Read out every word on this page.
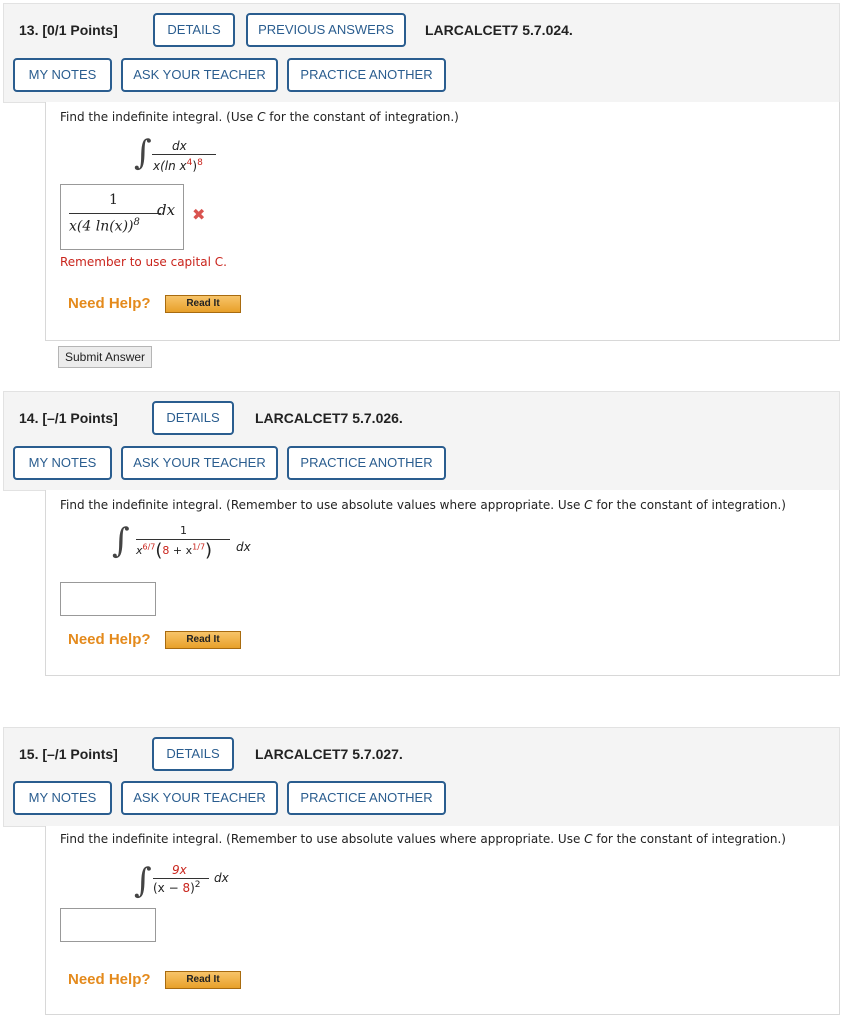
13. [0/1 Points]	DETAILS	PREVIOUS ANSWERS	LARCALCET7 5.7.024.
MY NOTES	ASK YOUR TEACHER	PRACTICE ANOTHER
Find the indefinite integral. (Use C for the constant of integration.)
∫ dx
x(ln $x^4)^8$
1
x(4 ln(x))$^8$
dx ✖
Remember to use capital C.
Need Help?	Read It
Submit Answer
14. [–/1 Points]	DETAILS	LARCALCET7 5.7.026.
MY NOTES	ASK YOUR TEACHER	PRACTICE ANOTHER
Find the indefinite integral. (Remember to use absolute values where appropriate. Use C for the constant of integration.)
∫	1
$x^{6/7}(8 + x^{1/7})$ dx
Need Help?	Read It
15. [–/1 Points]	DETAILS	LARCALCET7 5.7.027.
MY NOTES	ASK YOUR TEACHER	PRACTICE ANOTHER
Find the indefinite integral. (Remember to use absolute values where appropriate. Use C for the constant of integration.)
∫ 9x
$(x - 8)^2$ dx
Need Help?	Read It
